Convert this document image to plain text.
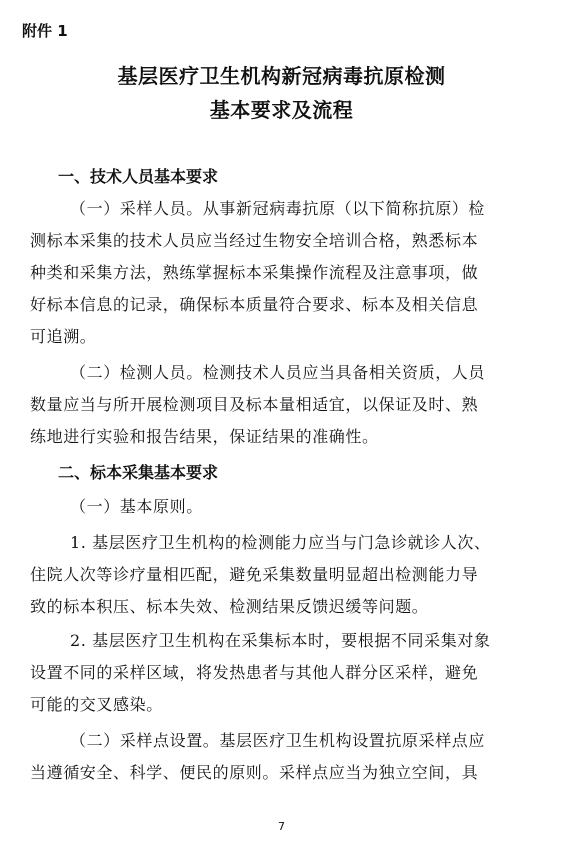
附件 1
基层医疗卫生机构新冠病毒抗原检测
基本要求及流程
一、技术人员基本要求
（一）采样人员。从事新冠病毒抗原（以下简称抗原）检
测标本采集的技术人员应当经过生物安全培训合格，熟悉标本
种类和采集方法，熟练掌握标本采集操作流程及注意事项，做
好标本信息的记录，确保标本质量符合要求、标本及相关信息
可追溯。
（二）检测人员。检测技术人员应当具备相关资质，人员
数量应当与所开展检测项目及标本量相适宜，以保证及时、熟
练地进行实验和报告结果，保证结果的准确性。
二、标本采集基本要求
（一）基本原则。
1. 基层医疗卫生机构的检测能力应当与门急诊就诊人次、
住院人次等诊疗量相匹配，避免采集数量明显超出检测能力导
致的标本积压、标本失效、检测结果反馈迟缓等问题。
2. 基层医疗卫生机构在采集标本时，要根据不同采集对象
设置不同的采样区域，将发热患者与其他人群分区采样，避免
可能的交叉感染。
（二）采样点设置。基层医疗卫生机构设置抗原采样点应
当遵循安全、科学、便民的原则。采样点应当为独立空间，具
7
